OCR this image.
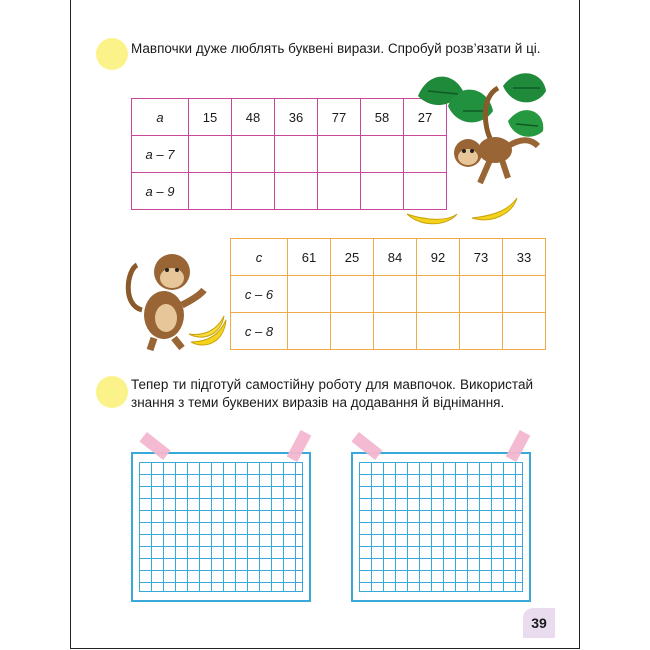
Мавпочки дуже люблять буквені вирази. Спробуй розв’язати й ці.
a	15	48	36	77	58	27
a – 7						
a – 9						
c	61	25	84	92	73	33
c – 6						
c – 8						
Тепер ти підготуй самостійну роботу для мавпочок. Використай знання з теми буквених виразів на додавання й віднімання.
39
